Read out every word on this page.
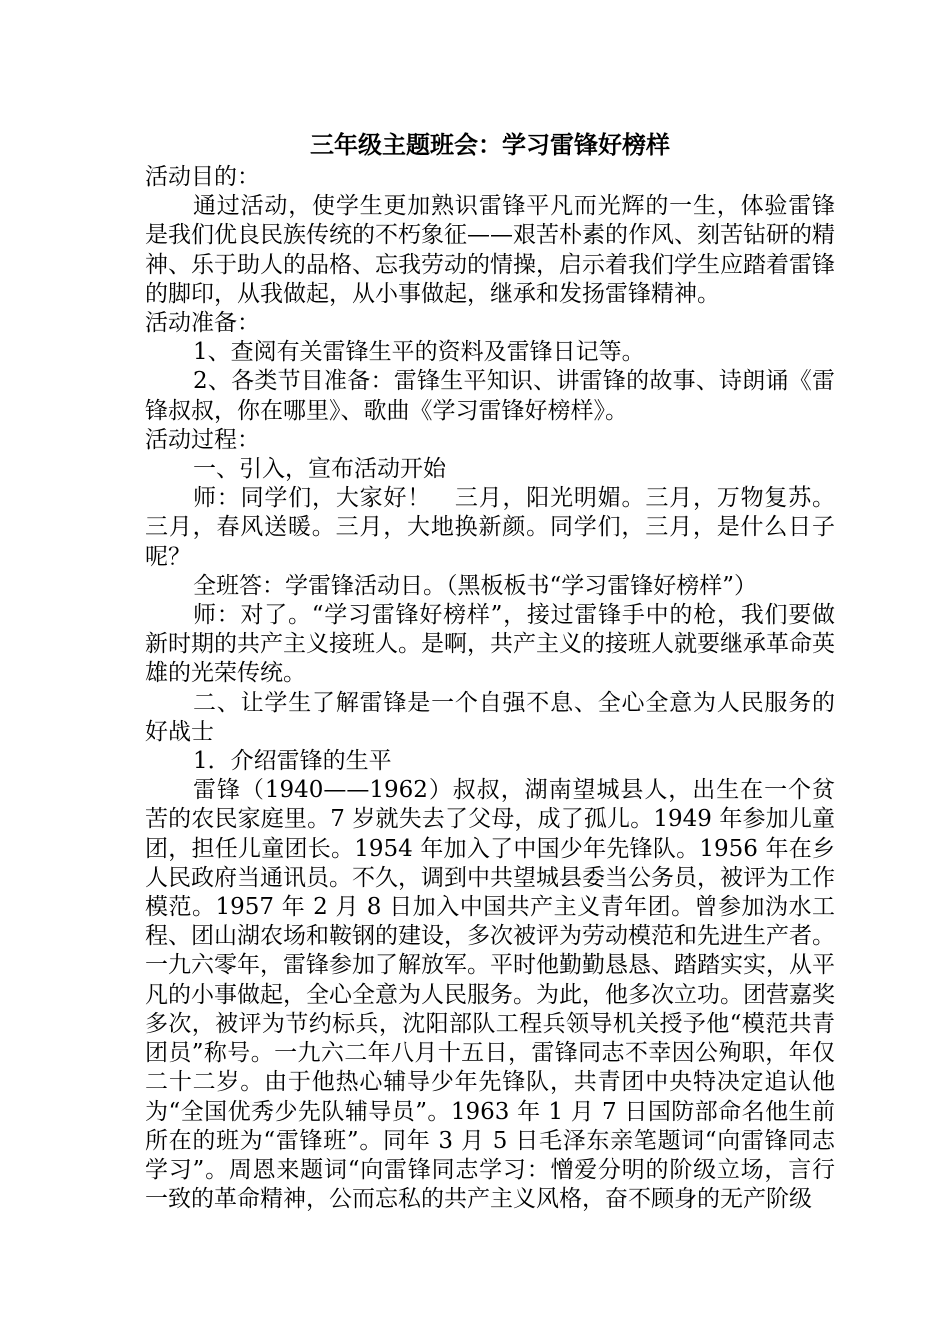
三年级主题班会：学习雷锋好榜样

活动目的：

通过活动，使学生更加熟识雷锋平凡而光辉的一生，体验雷锋是我们优良民族传统的不朽象征——艰苦朴素的作风、刻苦钻研的精神、乐于助人的品格、忘我劳动的情操，启示着我们学生应踏着雷锋的脚印，从我做起，从小事做起，继承和发扬雷锋精神。

活动准备：

1、查阅有关雷锋生平的资料及雷锋日记等。

2、各类节目准备：雷锋生平知识、讲雷锋的故事、诗朗诵《雷锋叔叔，你在哪里》、歌曲《学习雷锋好榜样》。

活动过程：

一、引入，宣布活动开始

师：同学们，大家好！　三月，阳光明媚。三月，万物复苏。三月，春风送暖。三月，大地换新颜。同学们，三月，是什么日子呢？

全班答：学雷锋活动日。（黑板板书“学习雷锋好榜样”）

师：对了。“学习雷锋好榜样”，接过雷锋手中的枪，我们要做新时期的共产主义接班人。是啊，共产主义的接班人就要继承革命英雄的光荣传统。

二、让学生了解雷锋是一个自强不息、全心全意为人民服务的好战士

1．介绍雷锋的生平

雷锋（1940——1962）叔叔，湖南望城县人，出生在一个贫苦的农民家庭里。7 岁就失去了父母，成了孤儿。1949 年参加儿童团，担任儿童团长。1954 年加入了中国少年先锋队。1956 年在乡人民政府当通讯员。不久，调到中共望城县委当公务员，被评为工作模范。1957 年 2 月 8 日加入中国共产主义青年团。曾参加沩水工程、团山湖农场和鞍钢的建设，多次被评为劳动模范和先进生产者。一九六零年，雷锋参加了解放军。平时他勤勤恳恳、踏踏实实，从平凡的小事做起，全心全意为人民服务。为此，他多次立功。团营嘉奖多次，被评为节约标兵，沈阳部队工程兵领导机关授予他“模范共青团员”称号。一九六二年八月十五日，雷锋同志不幸因公殉职，年仅二十二岁。由于他热心辅导少年先锋队，共青团中央特决定追认他为“全国优秀少先队辅导员”。1963 年 1 月 7 日国防部命名他生前所在的班为“雷锋班”。同年 3 月 5 日毛泽东亲笔题词“向雷锋同志学习”。周恩来题词“向雷锋同志学习：憎爱分明的阶级立场，言行一致的革命精神，公而忘私的共产主义风格，奋不顾身的无产阶级
